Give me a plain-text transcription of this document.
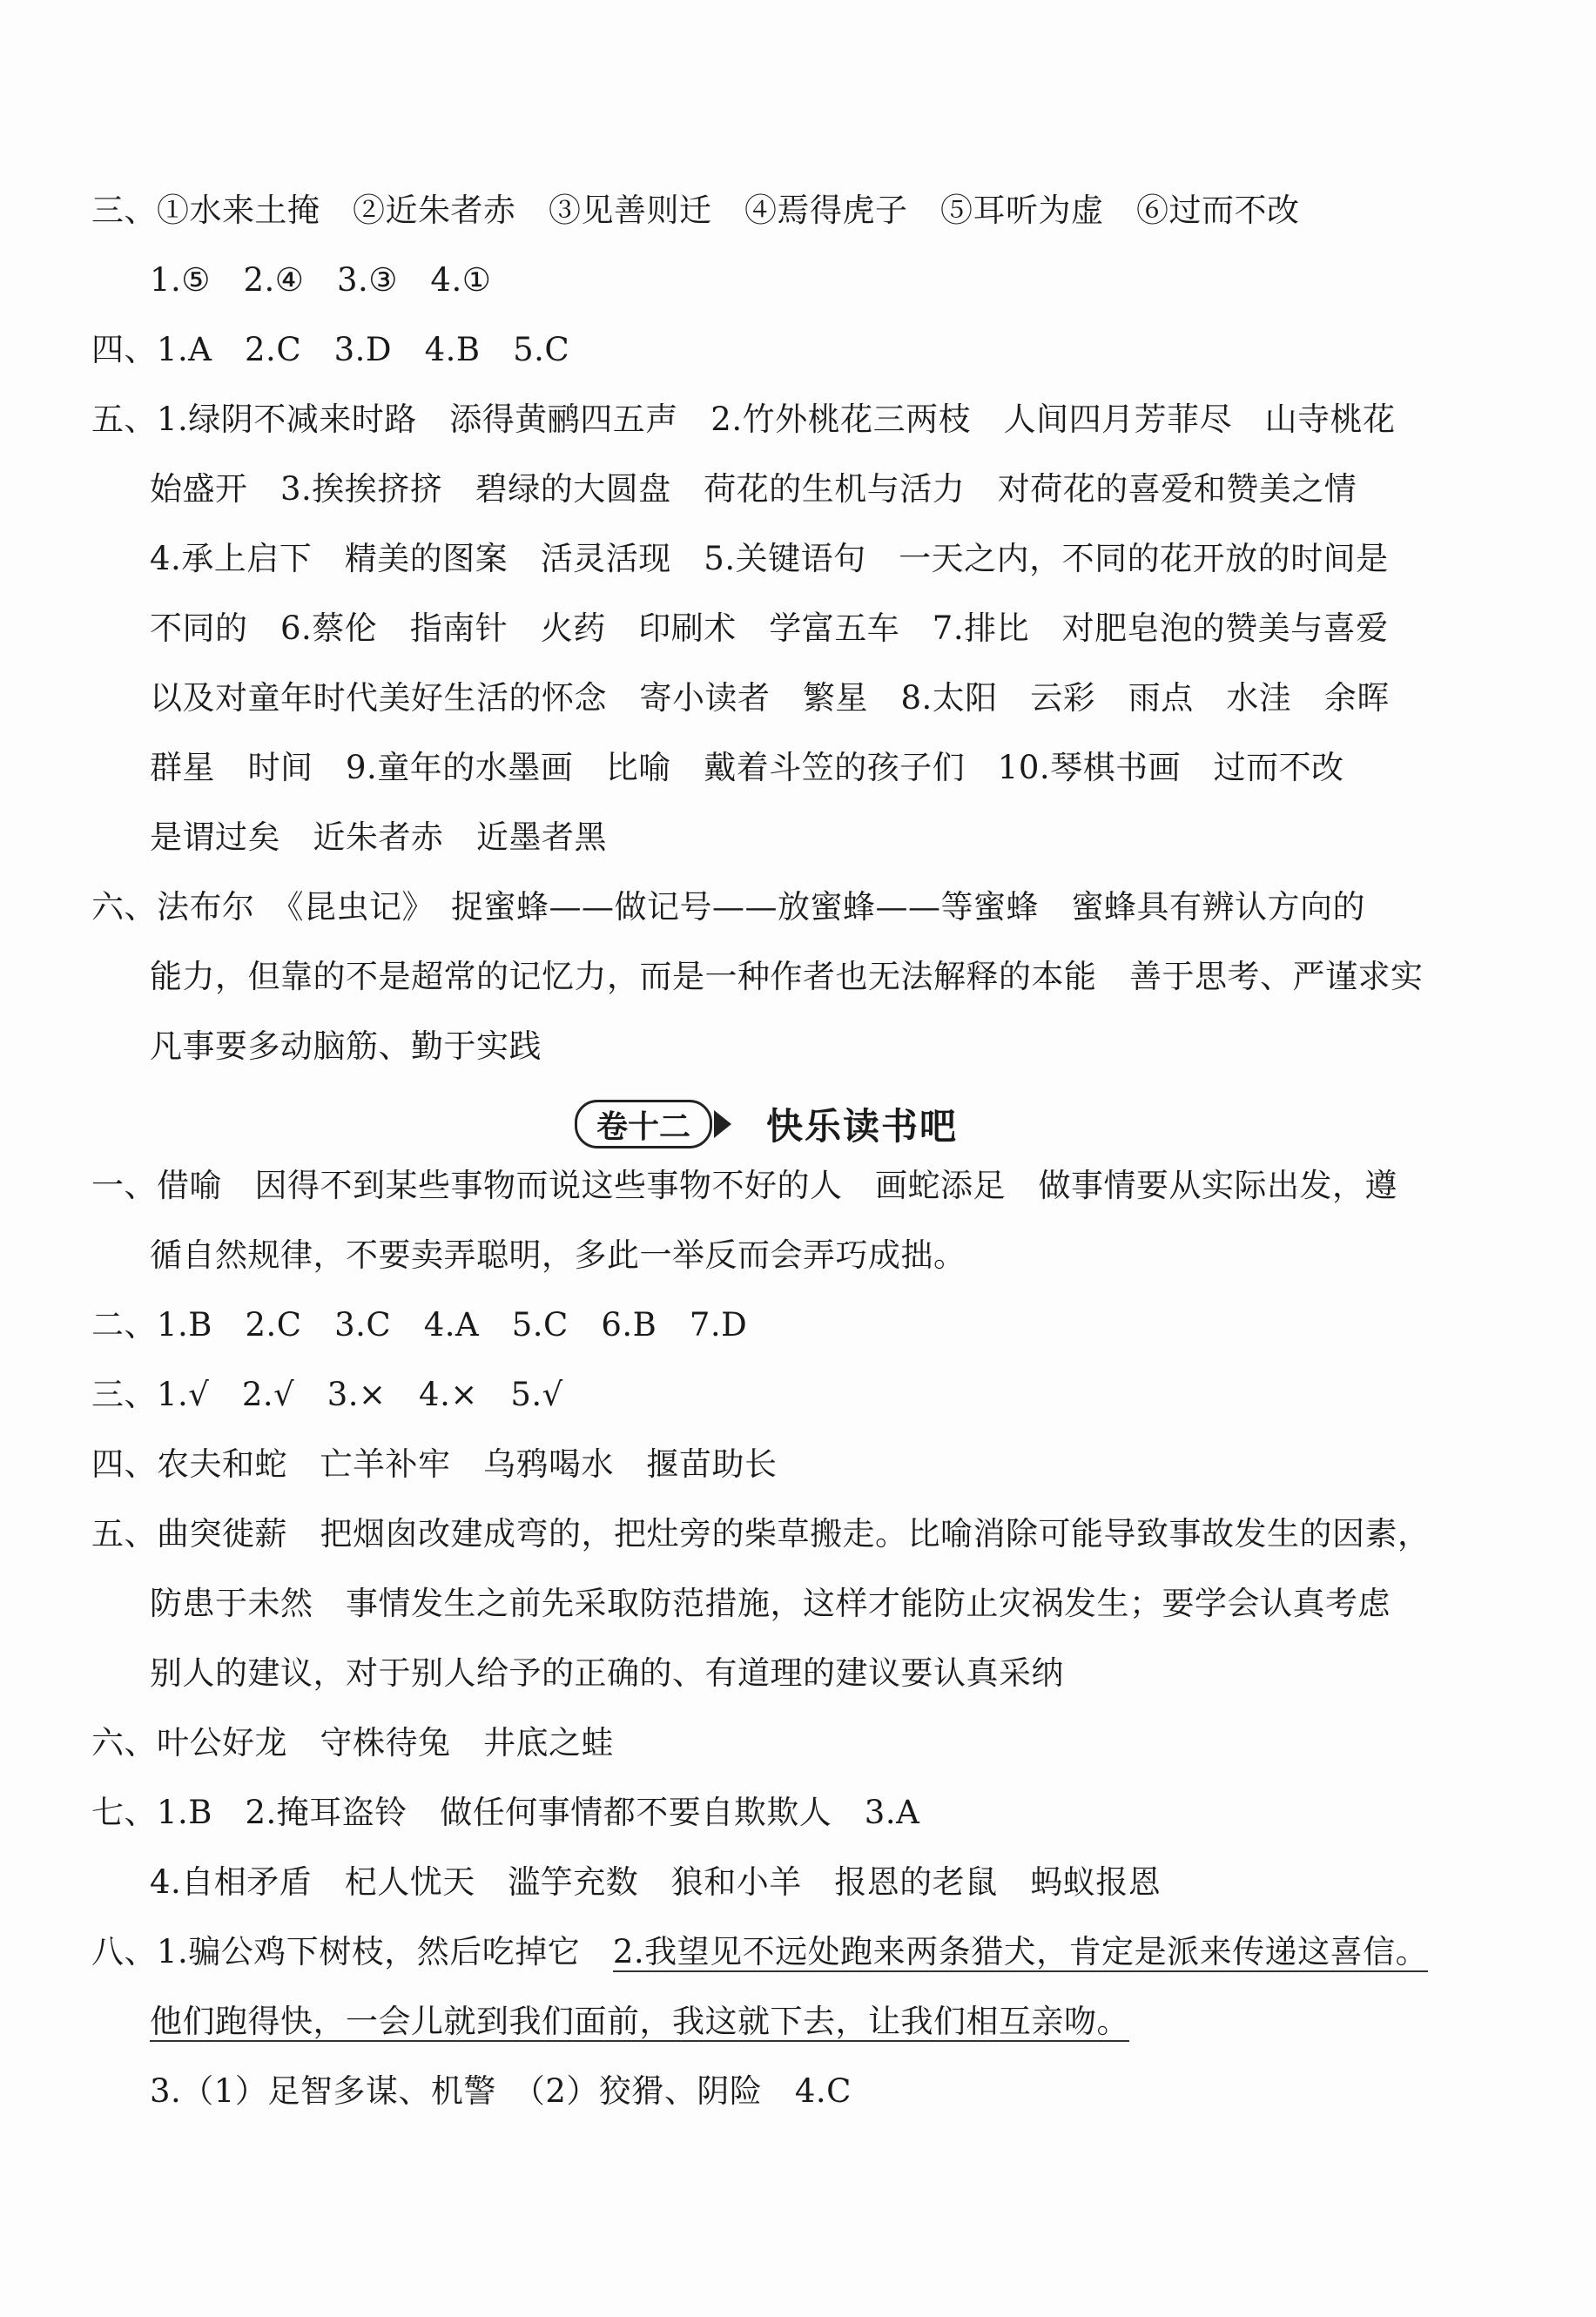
三、①水来土掩　②近朱者赤　③见善则迁　④焉得虎子　⑤耳听为虚　⑥过而不改
1.⑤　2.④　3.③　4.①
四、1.A　2.C　3.D　4.B　5.C
五、1.绿阴不减来时路　添得黄鹂四五声　2.竹外桃花三两枝　人间四月芳菲尽　山寺桃花
始盛开　3.挨挨挤挤　碧绿的大圆盘　荷花的生机与活力　对荷花的喜爱和赞美之情
4.承上启下　精美的图案　活灵活现　5.关键语句　一天之内，不同的花开放的时间是
不同的　6.蔡伦　指南针　火药　印刷术　学富五车　7.排比　对肥皂泡的赞美与喜爱
以及对童年时代美好生活的怀念　寄小读者　繁星　8.太阳　云彩　雨点　水洼　余晖
群星　时间　9.童年的水墨画　比喻　戴着斗笠的孩子们　10.琴棋书画　过而不改
是谓过矣　近朱者赤　近墨者黑
六、法布尔　《昆虫记》　捉蜜蜂——做记号——放蜜蜂——等蜜蜂　蜜蜂具有辨认方向的
能力，但靠的不是超常的记忆力，而是一种作者也无法解释的本能　善于思考、严谨求实
凡事要多动脑筋、勤于实践
卷十二	快乐读书吧
一、借喻　因得不到某些事物而说这些事物不好的人　画蛇添足　做事情要从实际出发，遵
循自然规律，不要卖弄聪明，多此一举反而会弄巧成拙。
二、1.B　2.C　3.C　4.A　5.C　6.B　7.D
三、1.√　2.√　3.×　4.×　5.√
四、农夫和蛇　亡羊补牢　乌鸦喝水　揠苗助长
五、曲突徙薪　把烟囱改建成弯的，把灶旁的柴草搬走。比喻消除可能导致事故发生的因素，
防患于未然　事情发生之前先采取防范措施，这样才能防止灾祸发生；要学会认真考虑
别人的建议，对于别人给予的正确的、有道理的建议要认真采纳
六、叶公好龙　守株待兔　井底之蛙
七、1.B　2.掩耳盗铃　做任何事情都不要自欺欺人　3.A
4.自相矛盾　杞人忧天　滥竽充数　狼和小羊　报恩的老鼠　蚂蚁报恩
八、1.骗公鸡下树枝，然后吃掉它　2.我望见不远处跑来两条猎犬，肯定是派来传递这喜信。
他们跑得快，一会儿就到我们面前，我这就下去，让我们相互亲吻。
3.（1）足智多谋、机警　（2）狡猾、阴险　4.C
